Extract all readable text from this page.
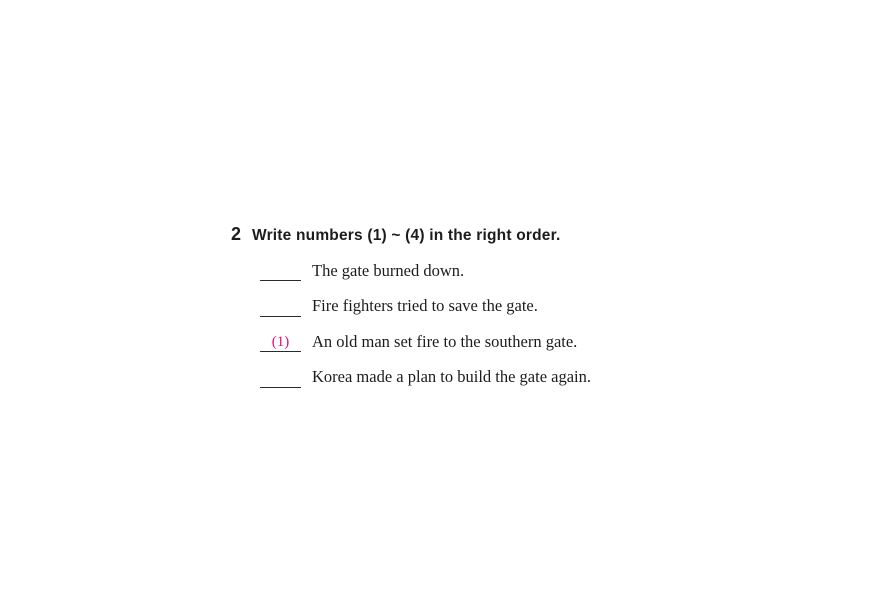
2 Write numbers (1) ~ (4) in the right order.
The gate burned down.
Fire fighters tried to save the gate.
(1)	An old man set fire to the southern gate.
Korea made a plan to build the gate again.
